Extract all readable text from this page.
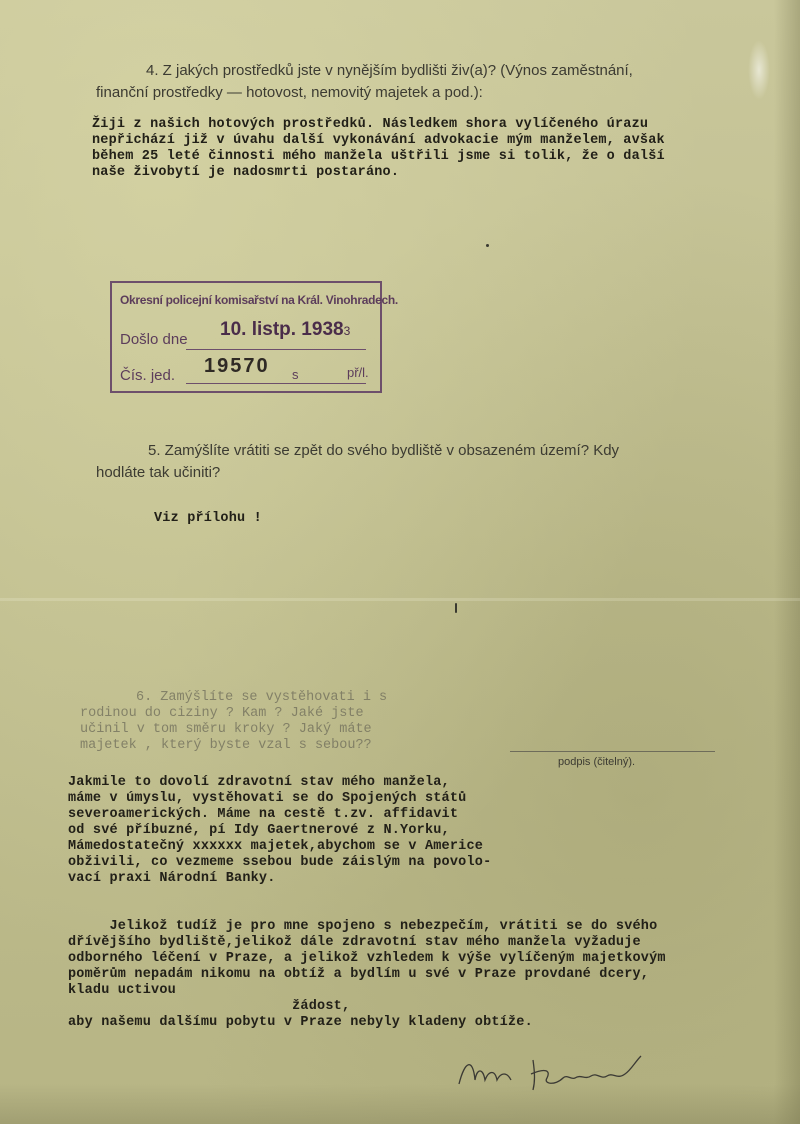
4. Z jakých prostředků jste v nynějším bydlišti živ(a)? (Výnos zaměstnání,
finanční prostředky — hotovost, nemovitý majetek a pod.):
Žiji z našich hotových prostředků. Následkem shora vylíčeného úrazu
nepřichází již v úvahu další vykonávání advokacie mým manželem, avšak
během 25 leté činnosti mého manžela uštřili jsme si tolik, že o další
naše živobytí je nadosmrti postaráno.
Okresní policejní komisařství na Král. Vinohradech.
Došlo dne 10. listp. 19383
Čís. jed. 19570 s	př/l.
5. Zamýšlíte vrátiti se zpět do svého bydliště v obsazeném území? Kdy
hodláte tak učiniti?
Viz přílohu !
6. Zamýšlíte se vystěhovati i s
rodinou do ciziny ? Kam ? Jaké jste
učinil v tom směru kroky ? Jaký máte
majetek , který byste vzal s sebou??
podpis (čitelný).
Jakmile to dovolí zdravotní stav mého manžela,
máme v úmyslu, vystěhovati se do Spojených států
severoamerických. Máme na cestě t.zv. affidavit
od své příbuzné, pí Idy Gaertnerové z N.Yorku,
Mámedostatečný xxxxxx majetek,abychom se v Americe
obživili, co vezmeme ssebou bude záislým na povolo-
vací praxi Národní Banky.
Jelikož tudíž je pro mne spojeno s nebezpečím, vrátiti se do svého
dřívějšího bydliště,jelikož dále zdravotní stav mého manžela vyžaduje
odborného léčení v Praze, a jelikož vzhledem k výše vylíčeným majetkovým
poměrům nepadám nikomu na obtíž a bydlím u své v Praze provdané dcery,
kladu uctivou
žádost,
aby našemu dalšímu pobytu v Praze nebyly kladeny obtíže.
